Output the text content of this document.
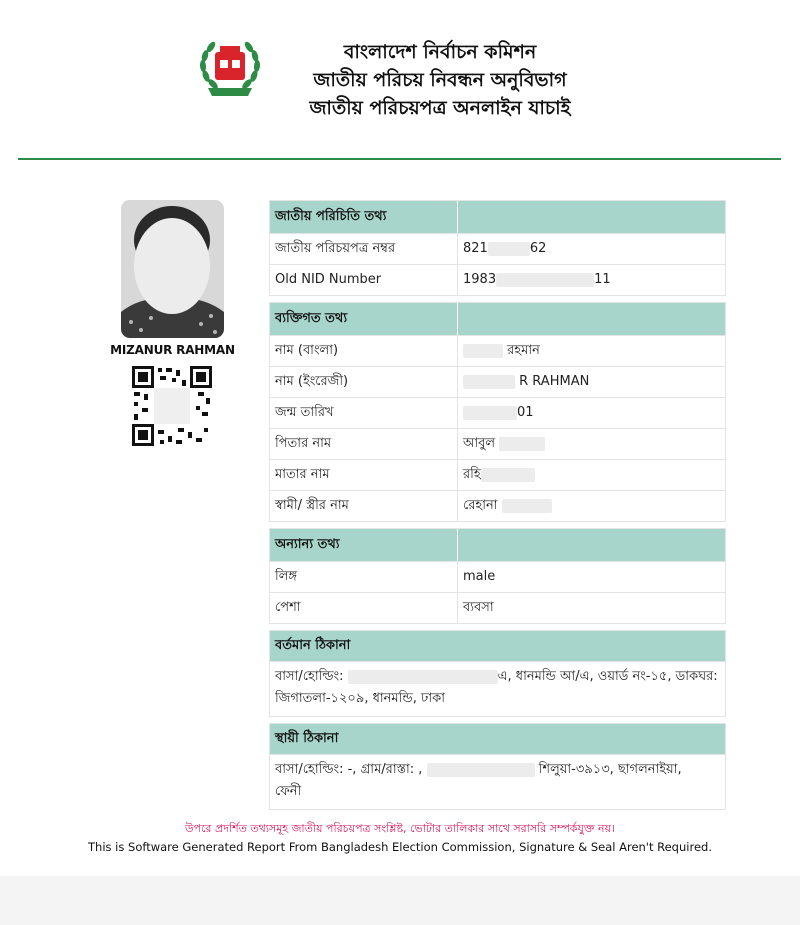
বাংলাদেশ নির্বাচন কমিশন
জাতীয় পরিচয় নিবন্ধন অনুবিভাগ
জাতীয় পরিচয়পত্র অনলাইন যাচাই
MIZANUR RAHMAN
জাতীয় পরিচিতি তথ্য
জাতীয় পরিচয়পত্র নম্বর	821	62
Old NID Number	1983	11
ব্যক্তিগত তথ্য
নাম (বাংলা)	রহমান
নাম (ইংরেজী)	R RAHMAN
জন্ম তারিখ	01
পিতার নাম	আবুল
মাতার নাম	রহি
স্বামী/ স্ত্রীর নাম	রেহানা
অন্যান্য তথ্য
লিঙ্গ	male
পেশা	ব্যবসা
বর্তমান ঠিকানা
বাসা/হোল্ডিং:	এ, ধানমন্ডি আ/এ, ওয়ার্ড নং-১৫, ডাকঘর:
জিগাতলা-১২০৯, ধানমন্ডি, ঢাকা
স্থায়ী ঠিকানা
বাসা/হোল্ডিং: -, গ্রাম/রাস্তা: ,	শিলুয়া-৩৯১৩, ছাগলনাইয়া,
ফেনী
উপরে প্রদর্শিত তথ্যসমূহ জাতীয় পরিচয়পত্র সংশ্লিষ্ট, ভোটার তালিকার সাথে সরাসরি সম্পর্কযুক্ত নয়।
This is Software Generated Report From Bangladesh Election Commission, Signature & Seal Aren't Required.
